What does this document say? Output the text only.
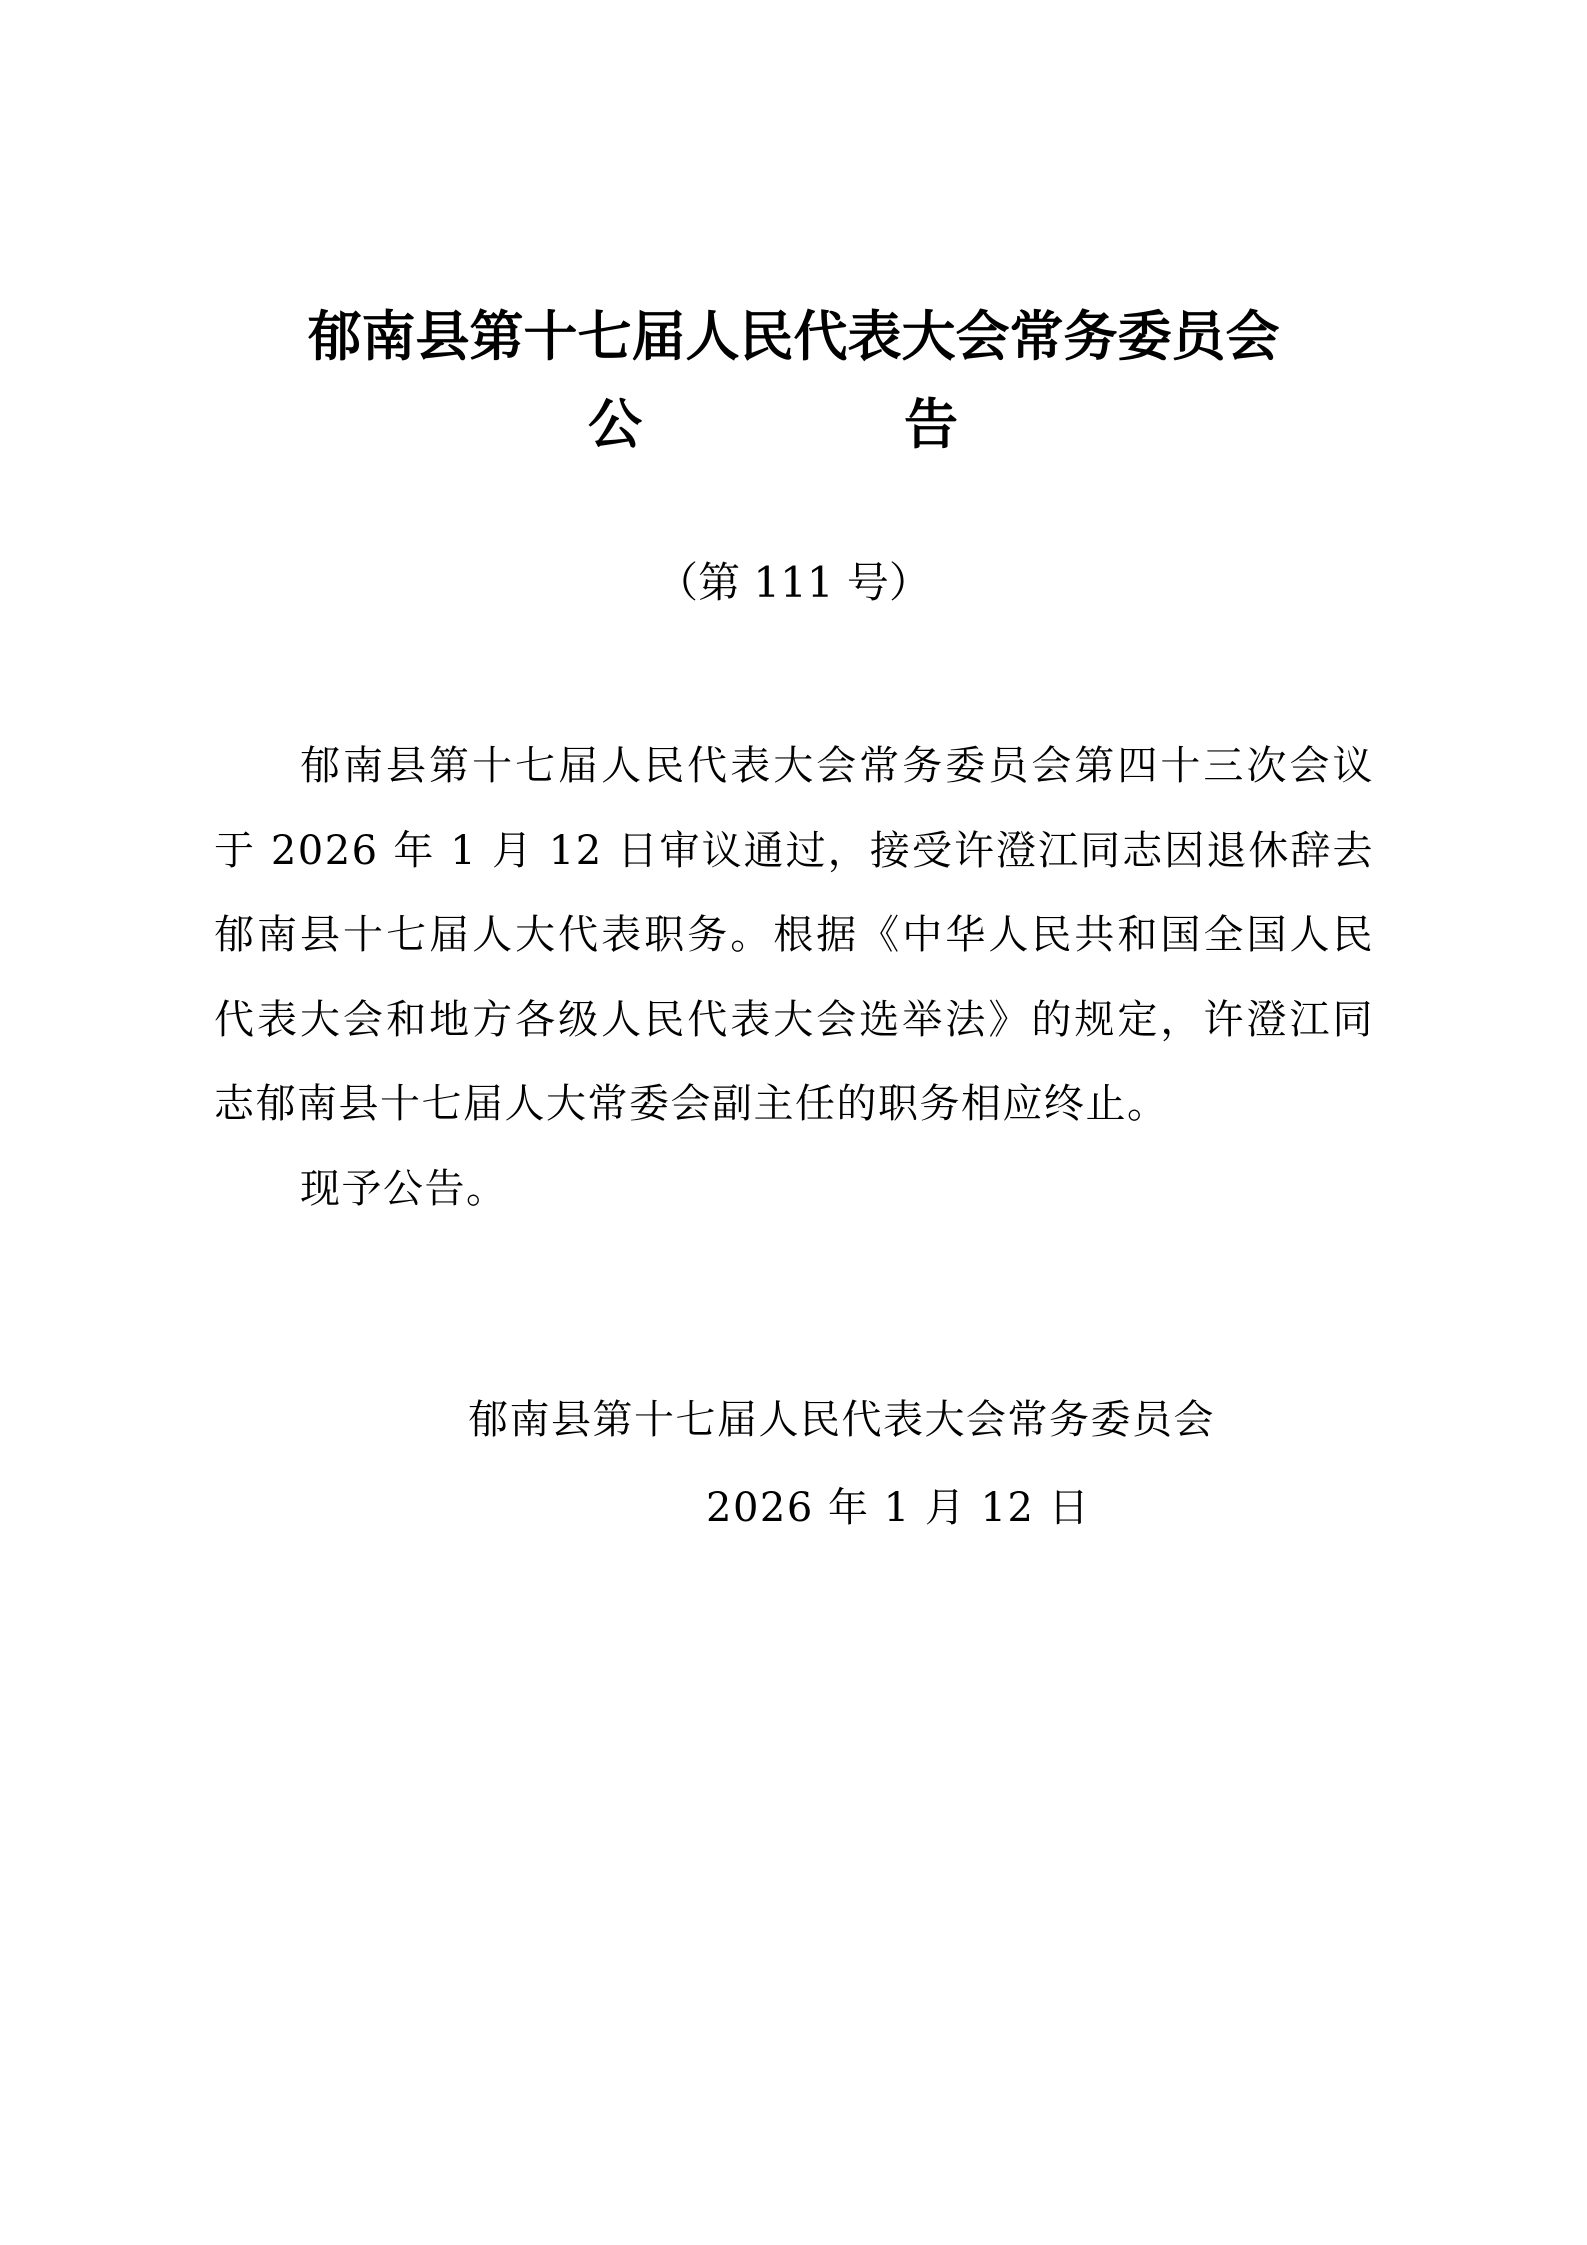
郁南县第十七届人民代表大会常务委员会
公	告
（第 111 号）

郁南县第十七届人民代表大会常务委员会第四十三次会议于 2026 年 1 月 12 日审议通过，接受许澄江同志因退休辞去郁南县十七届人大代表职务。根据《中华人民共和国全国人民代表大会和地方各级人民代表大会选举法》的规定，许澄江同志郁南县十七届人大常委会副主任的职务相应终止。

现予公告。

郁南县第十七届人民代表大会常务委员会
2026 年 1 月 12 日
